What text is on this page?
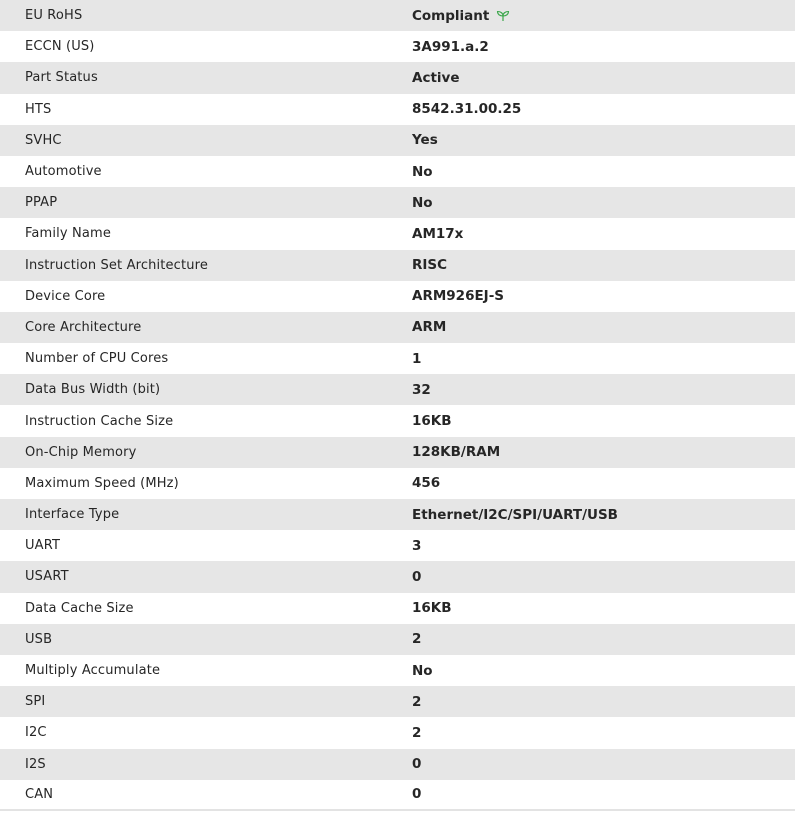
EU RoHS	Compliant
ECCN (US)	3A991.a.2
Part Status	Active
HTS	8542.31.00.25
SVHC	Yes
Automotive	No
PPAP	No
Family Name	AM17x
Instruction Set Architecture	RISC
Device Core	ARM926EJ-S
Core Architecture	ARM
Number of CPU Cores	1
Data Bus Width (bit)	32
Instruction Cache Size	16KB
On-Chip Memory	128KB/RAM
Maximum Speed (MHz)	456
Interface Type	Ethernet/I2C/SPI/UART/USB
UART	3
USART	0
Data Cache Size	16KB
USB	2
Multiply Accumulate	No
SPI	2
I2C	2
I2S	0
CAN	0
